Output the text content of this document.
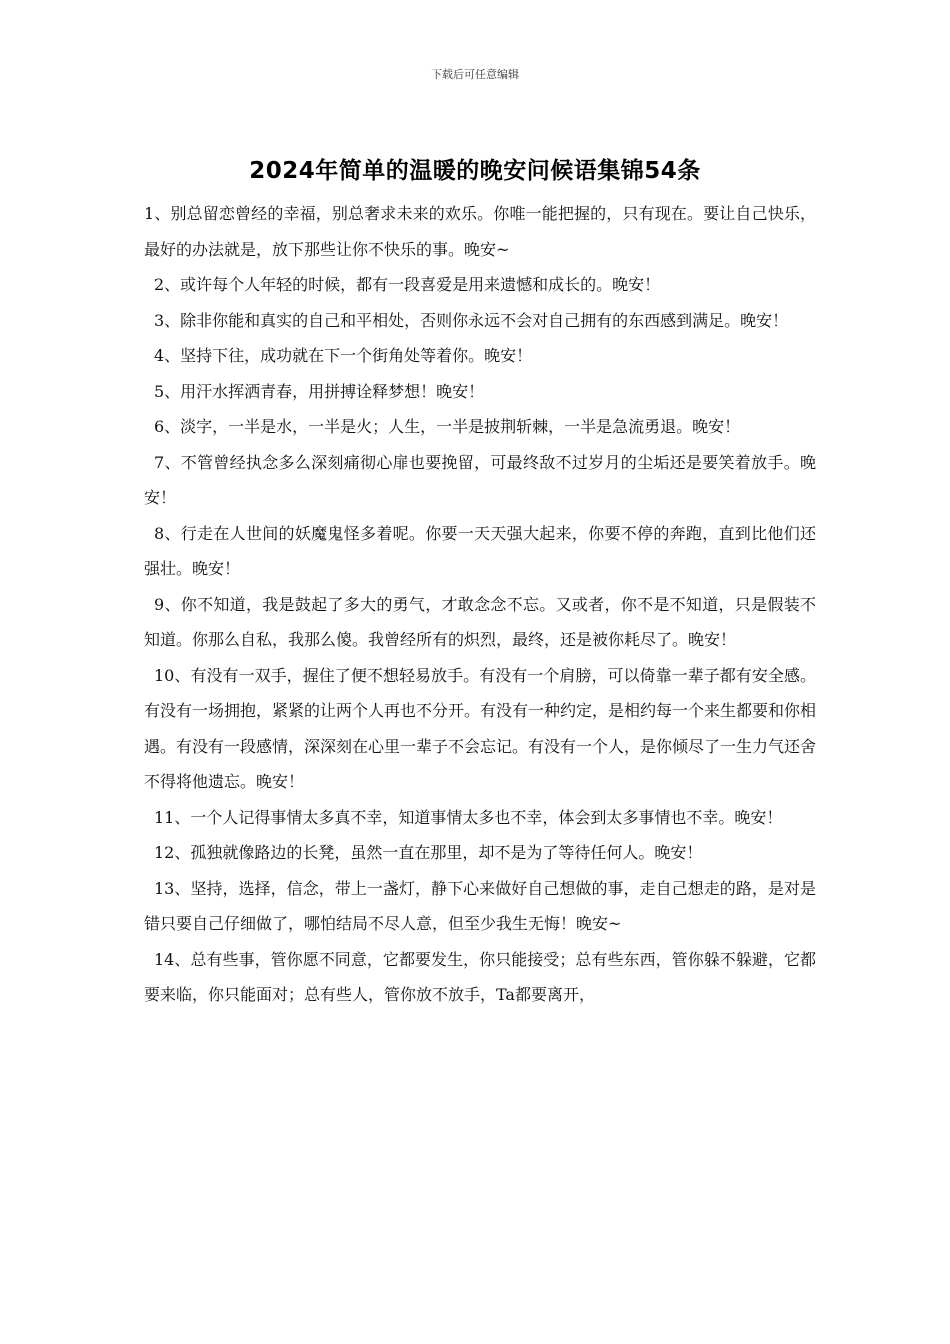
下载后可任意编辑
2024年简单的温暖的晚安问候语集锦54条

1、别总留恋曾经的幸福，别总奢求未来的欢乐。你唯一能把握的，只有现在。要让自己快乐，最好的办法就是，放下那些让你不快乐的事。晚安~

2、或许每个人年轻的时候，都有一段喜爱是用来遗憾和成长的。晚安！

3、除非你能和真实的自己和平相处，否则你永远不会对自己拥有的东西感到满足。晚安！

4、坚持下往，成功就在下一个街角处等着你。晚安！

5、用汗水挥洒青春，用拼搏诠释梦想！晚安！

6、淡字，一半是水，一半是火；人生，一半是披荆斩棘，一半是急流勇退。晚安！

7、不管曾经执念多么深刻痛彻心扉也要挽留，可最终敌不过岁月的尘垢还是要笑着放手。晚安！

8、行走在人世间的妖魔鬼怪多着呢。你要一天天强大起来，你要不停的奔跑，直到比他们还强壮。晚安！

9、你不知道，我是鼓起了多大的勇气，才敢念念不忘。又或者，你不是不知道，只是假装不知道。你那么自私，我那么傻。我曾经所有的炽烈，最终，还是被你耗尽了。晚安！

10、有没有一双手，握住了便不想轻易放手。有没有一个肩膀，可以倚靠一辈子都有安全感。有没有一场拥抱，紧紧的让两个人再也不分开。有没有一种约定，是相约每一个来生都要和你相遇。有没有一段感情，深深刻在心里一辈子不会忘记。有没有一个人，是你倾尽了一生力气还舍不得将他遗忘。晚安！

11、一个人记得事情太多真不幸，知道事情太多也不幸，体会到太多事情也不幸。晚安！

12、孤独就像路边的长凳，虽然一直在那里，却不是为了等待任何人。晚安！

13、坚持，选择，信念，带上一盏灯，静下心来做好自己想做的事，走自己想走的路，是对是错只要自己仔细做了，哪怕结局不尽人意，但至少我生无悔！晚安~

14、总有些事，管你愿不同意，它都要发生，你只能接受；总有些东西，管你躲不躲避，它都要来临，你只能面对；总有些人，管你放不放手，Ta都要离开，
